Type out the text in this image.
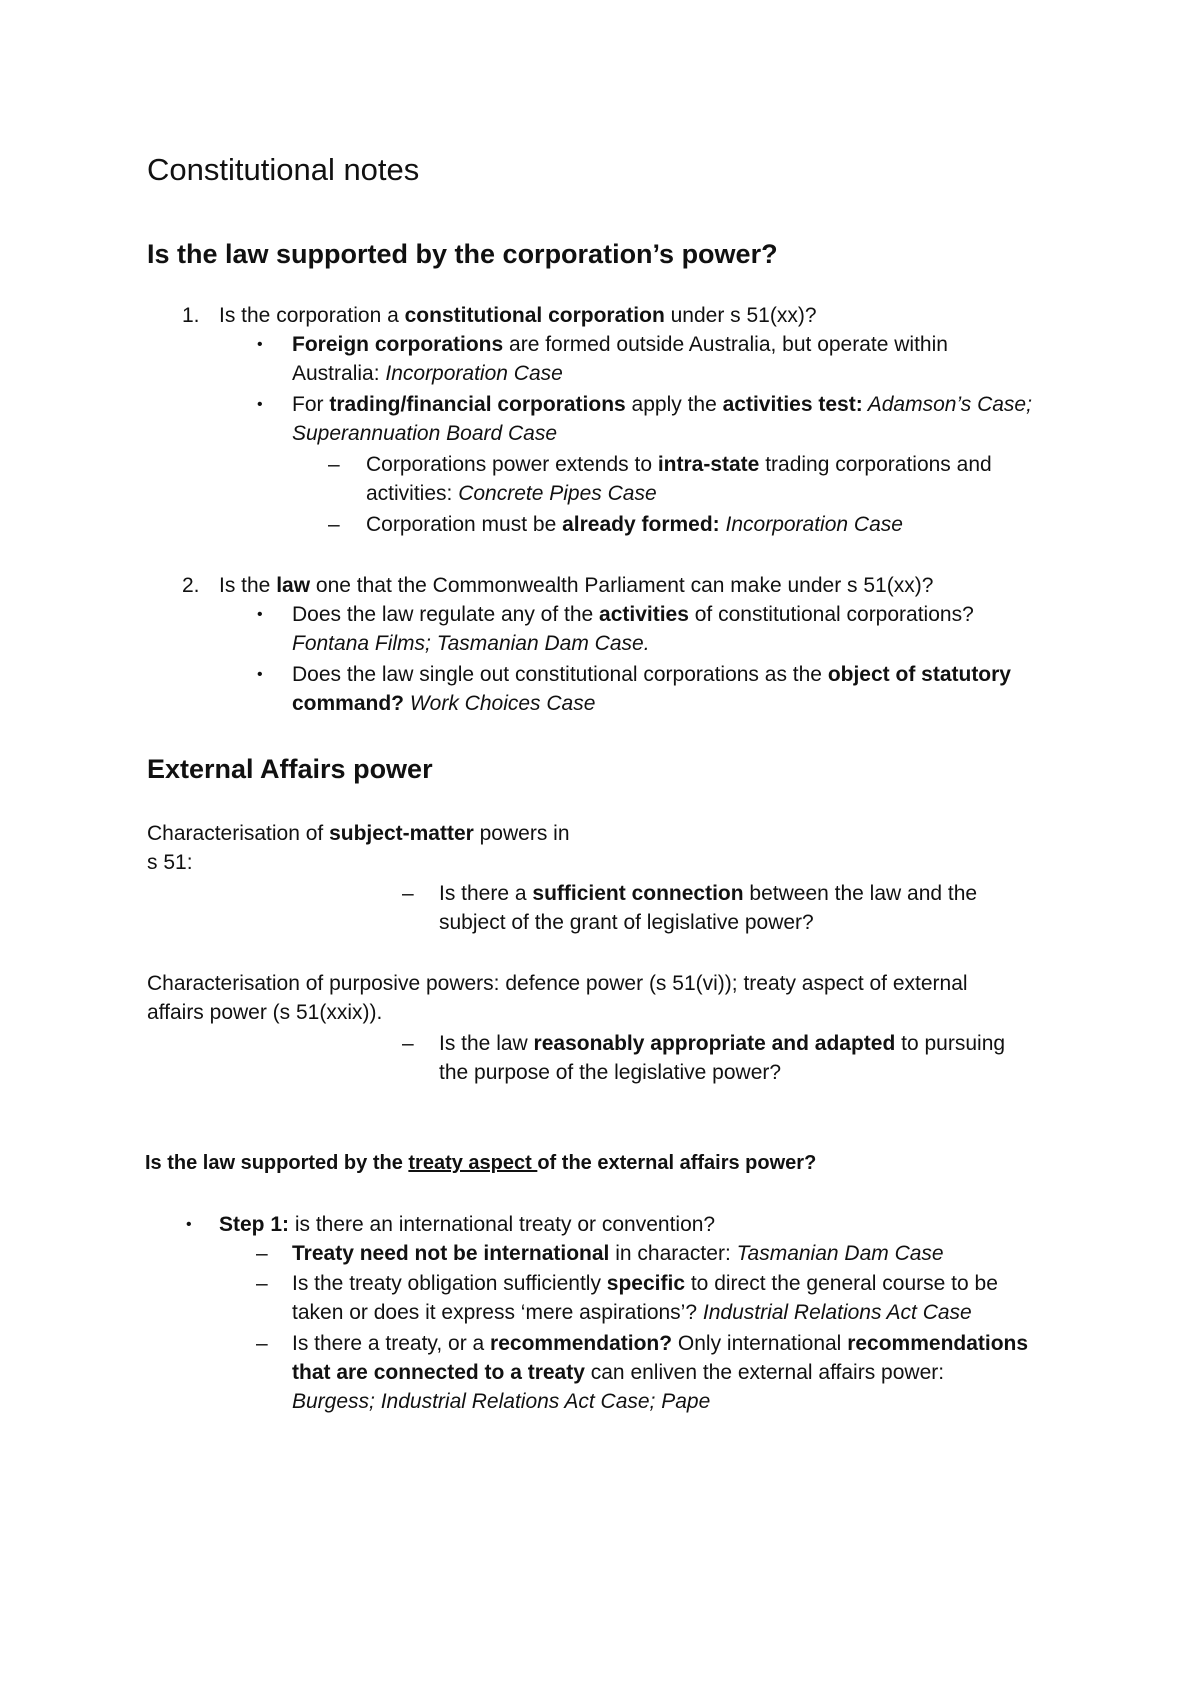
Constitutional notes
Is the law supported by the corporation’s power?
1. Is the corporation a constitutional corporation under s 51(xx)?
• Foreign corporations are formed outside Australia, but operate within
Australia: Incorporation Case
• For trading/financial corporations apply the activities test: Adamson’s Case;
Superannuation Board Case
– Corporations power extends to intra-state trading corporations and
activities: Concrete Pipes Case
– Corporation must be already formed: Incorporation Case
2. Is the law one that the Commonwealth Parliament can make under s 51(xx)?
• Does the law regulate any of the activities of constitutional corporations?
Fontana Films; Tasmanian Dam Case.
• Does the law single out constitutional corporations as the object of statutory
command? Work Choices Case
External Affairs power
Characterisation of subject-matter powers in
s 51:
– Is there a sufficient connection between the law and the
subject of the grant of legislative power?
Characterisation of purposive powers: defence power (s 51(vi)); treaty aspect of external
affairs power (s 51(xxix)).
– Is the law reasonably appropriate and adapted to pursuing
the purpose of the legislative power?
Is the law supported by the treaty aspect of the external affairs power?
• Step 1: is there an international treaty or convention?
– Treaty need not be international in character: Tasmanian Dam Case
– Is the treaty obligation sufficiently specific to direct the general course to be
taken or does it express ‘mere aspirations’? Industrial Relations Act Case
– Is there a treaty, or a recommendation? Only international recommendations
that are connected to a treaty can enliven the external affairs power:
Burgess; Industrial Relations Act Case; Pape
